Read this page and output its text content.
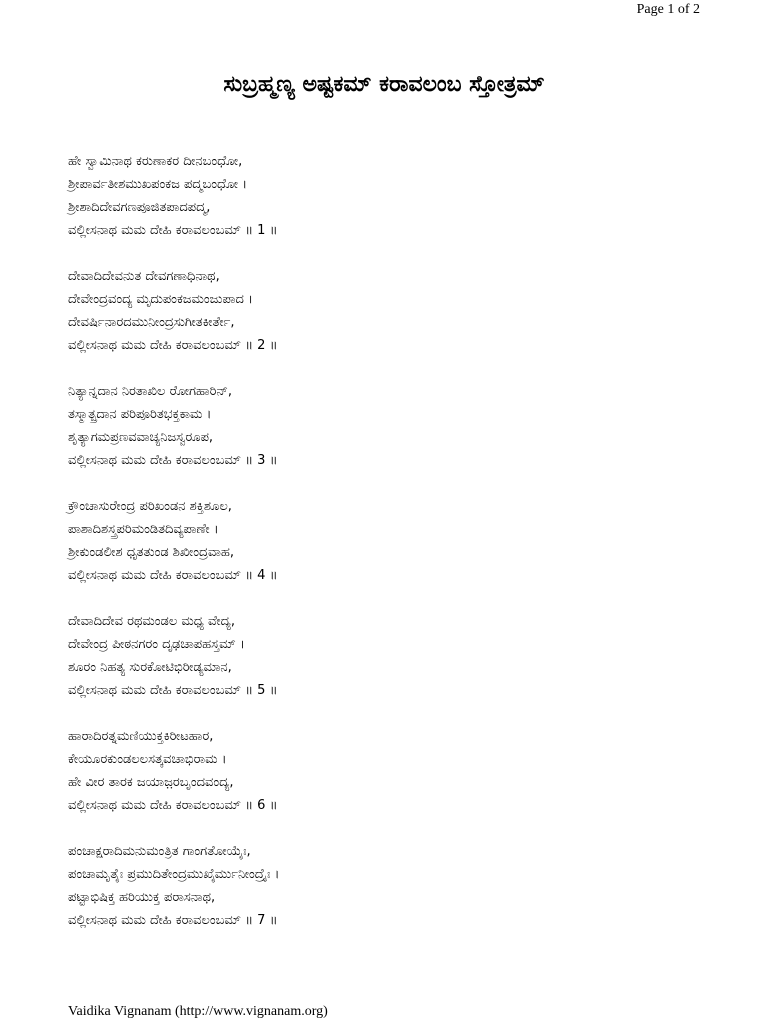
Page 1 of 2
ಸುಬ್ರಹ್ಮಣ್ಯ ಅಷ್ಟಕಮ್ ಕರಾವಲಂಬ ಸ್ತೋತ್ರಮ್
ಹೇ ಸ್ವಾಮಿನಾಥ ಕರುಣಾಕರ ದೀನಬಂಧೋ,
ಶ್ರೀಪಾರ್ವತೀಶಮುಖಪಂಕಜ ಪದ್ಮಬಂಧೋ ।
ಶ್ರೀಶಾದಿದೇವಗಣಪೂಜಿತಪಾದಪದ್ಮ,
ವಲ್ಲೀಸನಾಥ ಮಮ ದೇಹಿ ಕರಾವಲಂಬಮ್ ॥ 1 ॥
ದೇವಾದಿದೇವನುತ ದೇವಗಣಾಧಿನಾಥ,
ದೇವೇಂದ್ರವಂದ್ಯ ಮೃದುಪಂಕಜಮಂಜುಪಾದ ।
ದೇವರ್ಷಿನಾರದಮುನೀಂದ್ರಸುಗೀತಕೀರ್ತೇ,
ವಲ್ಲೀಸನಾಥ ಮಮ ದೇಹಿ ಕರಾವಲಂಬಮ್ ॥ 2 ॥
ನಿತ್ಯಾನ್ನದಾನ ನಿರತಾಖಿಲ ರೋಗಹಾರಿನ್,
ತಸ್ಮಾತ್ಪ್ರದಾನ ಪರಿಪೂರಿತಭಕ್ತಕಾಮ ।
ಶೃತ್ಯಾಗಮಪ್ರಣವವಾಚ್ಯನಿಜಸ್ವರೂಪ,
ವಲ್ಲೀಸನಾಥ ಮಮ ದೇಹಿ ಕರಾವಲಂಬಮ್ ॥ 3 ॥
ಕ್ರೌಂಚಾಸುರೇಂದ್ರ ಪರಿಖಂಡನ ಶಕ್ತಿಶೂಲ,
ಪಾಶಾದಿಶಸ್ತ್ರಪರಿಮಂಡಿತದಿವ್ಯಪಾಣೇ ।
ಶ್ರೀಕುಂಡಲೀಶ ಧೃತತುಂಡ ಶಿಖೀಂದ್ರವಾಹ,
ವಲ್ಲೀಸನಾಥ ಮಮ ದೇಹಿ ಕರಾವಲಂಬಮ್ ॥ 4 ॥
ದೇವಾದಿದೇವ ರಥಮಂಡಲ ಮಧ್ಯ ವೇದ್ಯ,
ದೇವೇಂದ್ರ ಪೀಠನಗರಂ ದೃಢಚಾಪಹಸ್ತಮ್ ।
ಶೂರಂ ನಿಹತ್ಯ ಸುರಕೋಟಿಭಿರೀಡ್ಯಮಾನ,
ವಲ್ಲೀಸನಾಥ ಮಮ ದೇಹಿ ಕರಾವಲಂಬಮ್ ॥ 5 ॥
ಹಾರಾದಿರತ್ನಮಣಿಯುಕ್ತಕಿರೀಟಹಾರ,
ಕೇಯೂರಕುಂಡಲಲಸತ್ಕವಚಾಭಿರಾಮ ।
ಹೇ ವೀರ ತಾರಕ ಜಯಾಜ಼ರಬೃಂದವಂದ್ಯ,
ವಲ್ಲೀಸನಾಥ ಮಮ ದೇಹಿ ಕರಾವಲಂಬಮ್ ॥ 6 ॥
ಪಂಚಾಕ್ಷರಾದಿಮನುಮಂತ್ರಿತ ಗಾಂಗತೋಯೈಃ,
ಪಂಚಾಮೃತೈಃ ಪ್ರಮುದಿತೇಂದ್ರಮುಖೈರ್ಮುನೀಂದ್ರೈಃ ।
ಪಟ್ಟಾಭಿಷಿಕ್ತ ಹರಿಯುಕ್ತ ಪರಾಸನಾಥ,
ವಲ್ಲೀಸನಾಥ ಮಮ ದೇಹಿ ಕರಾವಲಂಬಮ್ ॥ 7 ॥
Vaidika Vignanam (http://www.vignanam.org)
